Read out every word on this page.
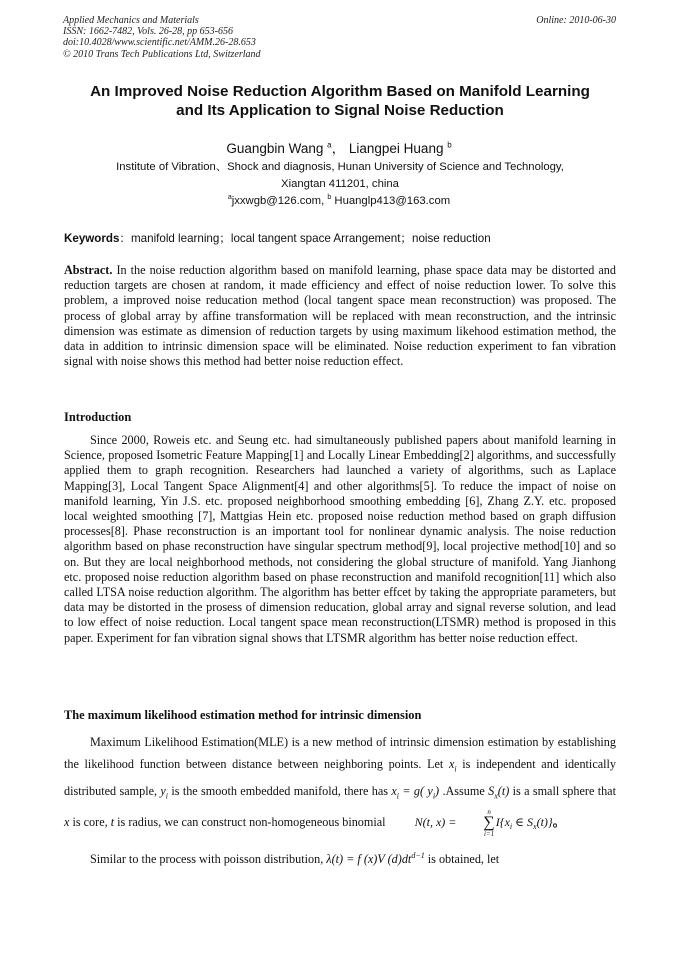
Applied Mechanics and Materials
ISSN: 1662-7482, Vols. 26-28, pp 653-656
doi:10.4028/www.scientific.net/AMM.26-28.653
© 2010 Trans Tech Publications Ltd, Switzerland
Online: 2010-06-30
An Improved Noise Reduction Algorithm Based on Manifold Learning
and Its Application to Signal Noise Reduction
Guangbin Wang $^a$， Liangpei Huang $^b$
Institute of Vibration、Shock and diagnosis, Hunan University of Science and Technology,
Xiangtan 411201, china
$^a$jxxwgb@126.com, $^b$ Huanglp413@163.com
Keywords：manifold learning；local tangent space Arrangement；noise reduction

Abstract. In the noise reduction algorithm based on manifold learning, phase space data may be distorted and reduction targets are chosen at random, it made efficiency and effect of noise reduction lower. To solve this problem, a improved noise reducation method (local tangent space mean reconstruction) was proposed. The process of global array by affine transformation will be replaced with mean reconstruction, and the intrinsic dimension was estimate as dimension of reduction targets by using maximum likehood estimation method, the data in addition to intrinsic dimension space will be eliminated. Noise reduction experiment to fan vibration signal with noise shows this method had better noise reduction effect.

Introduction

Since 2000, Roweis etc. and Seung etc. had simultaneously published papers about manifold learning in Science, proposed Isometric Feature Mapping[1] and Locally Linear Embedding[2] algorithms, and successfully applied them to graph recognition. Researchers had launched a variety of algorithms, such as Laplace Mapping[3], Local Tangent Space Alignment[4] and other algorithms[5]. To reduce the impact of noise on manifold learning, Yin J.S. etc. proposed neighborhood smoothing embedding [6], Zhang Z.Y. etc. proposed local weighted smoothing [7], Mattgias Hein etc. proposed noise reduction method based on graph diffusion processes[8]. Phase reconstruction is an important tool for nonlinear dynamic analysis. The noise reduction algorithm based on phase reconstruction have singular spectrum method[9], local projective method[10] and so on. But they are local neighborhood methods, not considering the global structure of manifold. Yang Jianhong etc. proposed noise reduction algorithm based on phase reconstruction and manifold recognition[11] which also called LTSA noise reduction algorithm. The algorithm has better effcet by taking the appropriate parameters, but data may be distorted in the prosess of dimension reducation, global array and signal reverse solution, and lead to low effect of noise reduction. Local tangent space mean reconstruction(LTSMR) method is proposed in this paper. Experiment for fan vibration signal shows that LTSMR algorithm has better noise reduction effect.

The maximum likelihood estimation method for intrinsic dimension

Maximum Likelihood Estimation(MLE) is a new method of intrinsic dimension estimation by establishing the likelihood function between distance between neighboring points. Let $x_i$ is independent and identically distributed sample, $y_i$ is the smooth embedded manifold, there has $x_i = g$( $y_i$) .Assume $S_x(t)$ is a small sphere that x is core, t is radius, we can construct non-homogeneous binomial N(t, x) =
n
∑
i=1
$I\{x_i$ ∈ $S_x(t)$}。

Similar to the process with poisson distribution, λ(t) = f (x)V $(d)dt^{d-1}$ is obtained, let
